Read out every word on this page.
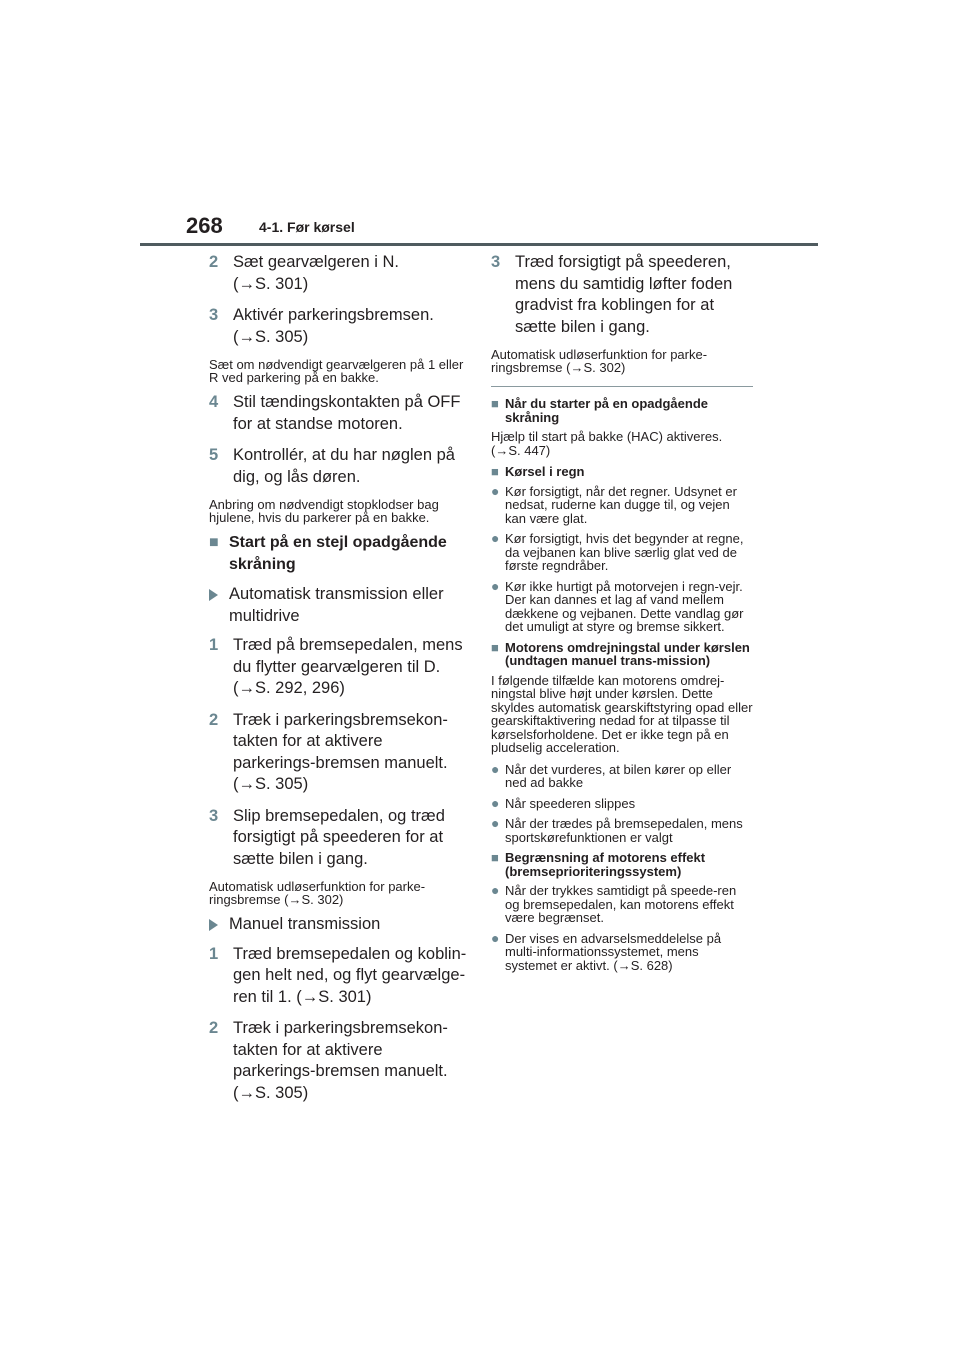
268	4-1. Før kørsel
2 Sæt gearvælgeren i N.
(→S. 301)
3 Aktivér parkeringsbremsen.
(→S. 305)
Sæt om nødvendigt gearvælgeren på 1 eller R ved parkering på en bakke.
4 Stil tændingskontakten på OFF
for at standse motoren.
5 Kontrollér, at du har nøglen på
dig, og lås døren.
Anbring om nødvendigt stopklodser bag hjulene, hvis du parkerer på en bakke.
■ Start på en stejl opadgående skråning
Automatisk transmission eller multidrive
1 Træd på bremsepedalen, mens du flytter gearvælgeren til D. (→S. 292, 296)
2 Træk i parkeringsbremsekon-takten for at aktivere parkerings-bremsen manuelt. (→S. 305)
3 Slip bremsepedalen, og træd forsigtigt på speederen for at sætte bilen i gang.
Automatisk udløserfunktion for parke-ringsbremse (→S. 302)
Manuel transmission
1 Træd bremsepedalen og koblin-gen helt ned, og flyt gearvælge-ren til 1. (→S. 301)
2 Træk i parkeringsbremsekon-takten for at aktivere parkerings-bremsen manuelt. (→S. 305)
3 Træd forsigtigt på speederen, mens du samtidig løfter foden gradvist fra koblingen for at sætte bilen i gang.
Automatisk udløserfunktion for parke-ringsbremse (→S. 302)
■ Når du starter på en opadgående skråning
Hjælp til start på bakke (HAC) aktiveres. (→S. 447)
■ Kørsel i regn
● Kør forsigtigt, når det regner. Udsynet er nedsat, ruderne kan dugge til, og vejen kan være glat.
● Kør forsigtigt, hvis det begynder at regne, da vejbanen kan blive særlig glat ved de første regndråber.
● Kør ikke hurtigt på motorvejen i regn-vejr. Der kan dannes et lag af vand mellem dækkene og vejbanen. Dette vandlag gør det umuligt at styre og bremse sikkert.
■ Motorens omdrejningstal under kørslen (undtagen manuel trans-mission)
I følgende tilfælde kan motorens omdrej-ningstal blive højt under kørslen. Dette skyldes automatisk gearskiftstyring opad eller gearskiftaktivering nedad for at tilpasse til kørselsforholdene. Det er ikke tegn på en pludselig acceleration.
● Når det vurderes, at bilen kører op eller ned ad bakke
● Når speederen slippes
● Når der trædes på bremsepedalen, mens sportskørefunktionen er valgt
■ Begrænsning af motorens effekt (bremseprioriteringssystem)
● Når der trykkes samtidigt på speede-ren og bremsepedalen, kan motorens effekt være begrænset.
● Der vises en advarselsmeddelelse på multi-informationssystemet, mens systemet er aktivt. (→S. 628)
